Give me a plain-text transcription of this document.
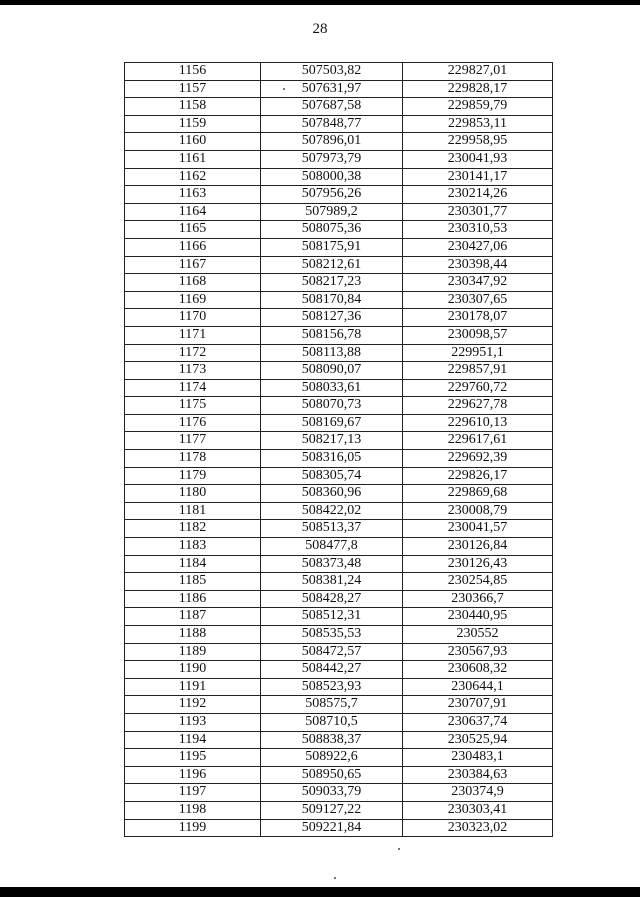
28
1156	507503,82	229827,01
1157	507631,97	229828,17
1158	507687,58	229859,79
1159	507848,77	229853,11
1160	507896,01	229958,95
1161	507973,79	230041,93
1162	508000,38	230141,17
1163	507956,26	230214,26
1164	507989,2	230301,77
1165	508075,36	230310,53
1166	508175,91	230427,06
1167	508212,61	230398,44
1168	508217,23	230347,92
1169	508170,84	230307,65
1170	508127,36	230178,07
1171	508156,78	230098,57
1172	508113,88	229951,1
1173	508090,07	229857,91
1174	508033,61	229760,72
1175	508070,73	229627,78
1176	508169,67	229610,13
1177	508217,13	229617,61
1178	508316,05	229692,39
1179	508305,74	229826,17
1180	508360,96	229869,68
1181	508422,02	230008,79
1182	508513,37	230041,57
1183	508477,8	230126,84
1184	508373,48	230126,43
1185	508381,24	230254,85
1186	508428,27	230366,7
1187	508512,31	230440,95
1188	508535,53	230552
1189	508472,57	230567,93
1190	508442,27	230608,32
1191	508523,93	230644,1
1192	508575,7	230707,91
1193	508710,5	230637,74
1194	508838,37	230525,94
1195	508922,6	230483,1
1196	508950,65	230384,63
1197	509033,79	230374,9
1198	509127,22	230303,41
1199	509221,84	230323,02
